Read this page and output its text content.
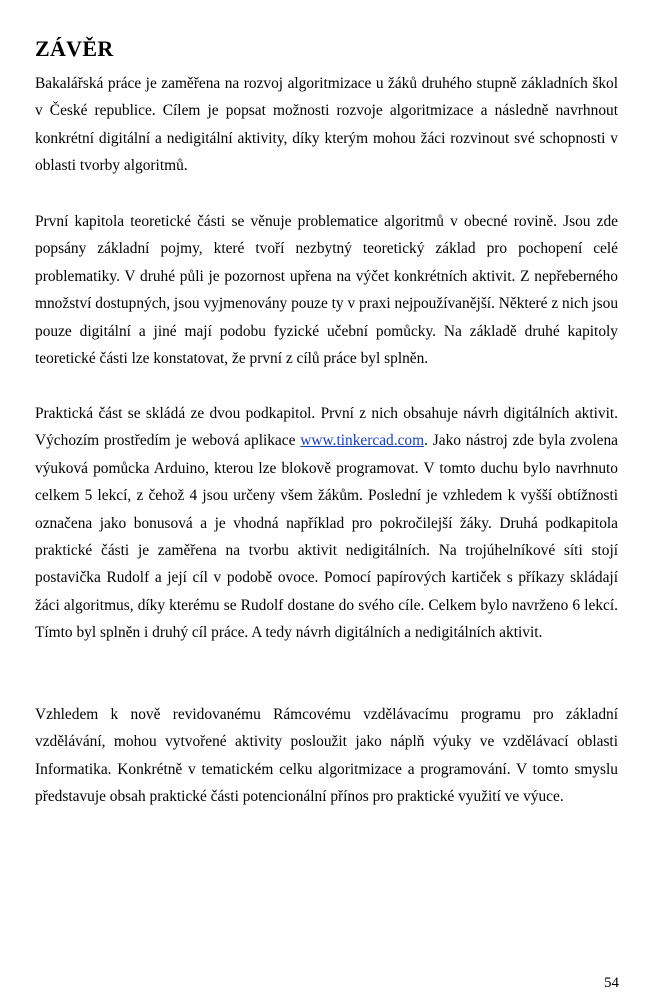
ZÁVĚR

Bakalářská práce je zaměřena na rozvoj algoritmizace u žáků druhého stupně základních škol v České republice. Cílem je popsat možnosti rozvoje algoritmizace a následně navrhnout konkrétní digitální a nedigitální aktivity, díky kterým mohou žáci rozvinout své schopnosti v oblasti tvorby algoritmů.

První kapitola teoretické části se věnuje problematice algoritmů v obecné rovině. Jsou zde popsány základní pojmy, které tvoří nezbytný teoretický základ pro pochopení celé problematiky. V druhé půli je pozornost upřena na výčet konkrétních aktivit. Z nepřeberného množství dostupných, jsou vyjmenovány pouze ty v praxi nejpoužívanější. Některé z nich jsou pouze digitální a jiné mají podobu fyzické učební pomůcky. Na základě druhé kapitoly teoretické části lze konstatovat, že první z cílů práce byl splněn.

Praktická část se skládá ze dvou podkapitol. První z nich obsahuje návrh digitálních aktivit. Výchozím prostředím je webová aplikace www.tinkercad.com. Jako nástroj zde byla zvolena výuková pomůcka Arduino, kterou lze blokově programovat. V tomto duchu bylo navrhnuto celkem 5 lekcí, z čehož 4 jsou určeny všem žákům. Poslední je vzhledem k vyšší obtížnosti označena jako bonusová a je vhodná například pro pokročilejší žáky. Druhá podkapitola praktické části je zaměřena na tvorbu aktivit nedigitálních. Na trojúhelníkové síti stojí postavička Rudolf a její cíl v podobě ovoce. Pomocí papírových kartiček s příkazy skládají žáci algoritmus, díky kterému se Rudolf dostane do svého cíle. Celkem bylo navrženo 6 lekcí. Tímto byl splněn i druhý cíl práce. A tedy návrh digitálních a nedigitálních aktivit.

Vzhledem k nově revidovanému Rámcovému vzdělávacímu programu pro základní vzdělávání, mohou vytvořené aktivity posloužit jako náplň výuky ve vzdělávací oblasti Informatika. Konkrétně v tematickém celku algoritmizace a programování. V tomto smyslu představuje obsah praktické části potencionální přínos pro praktické využití ve výuce.

54
